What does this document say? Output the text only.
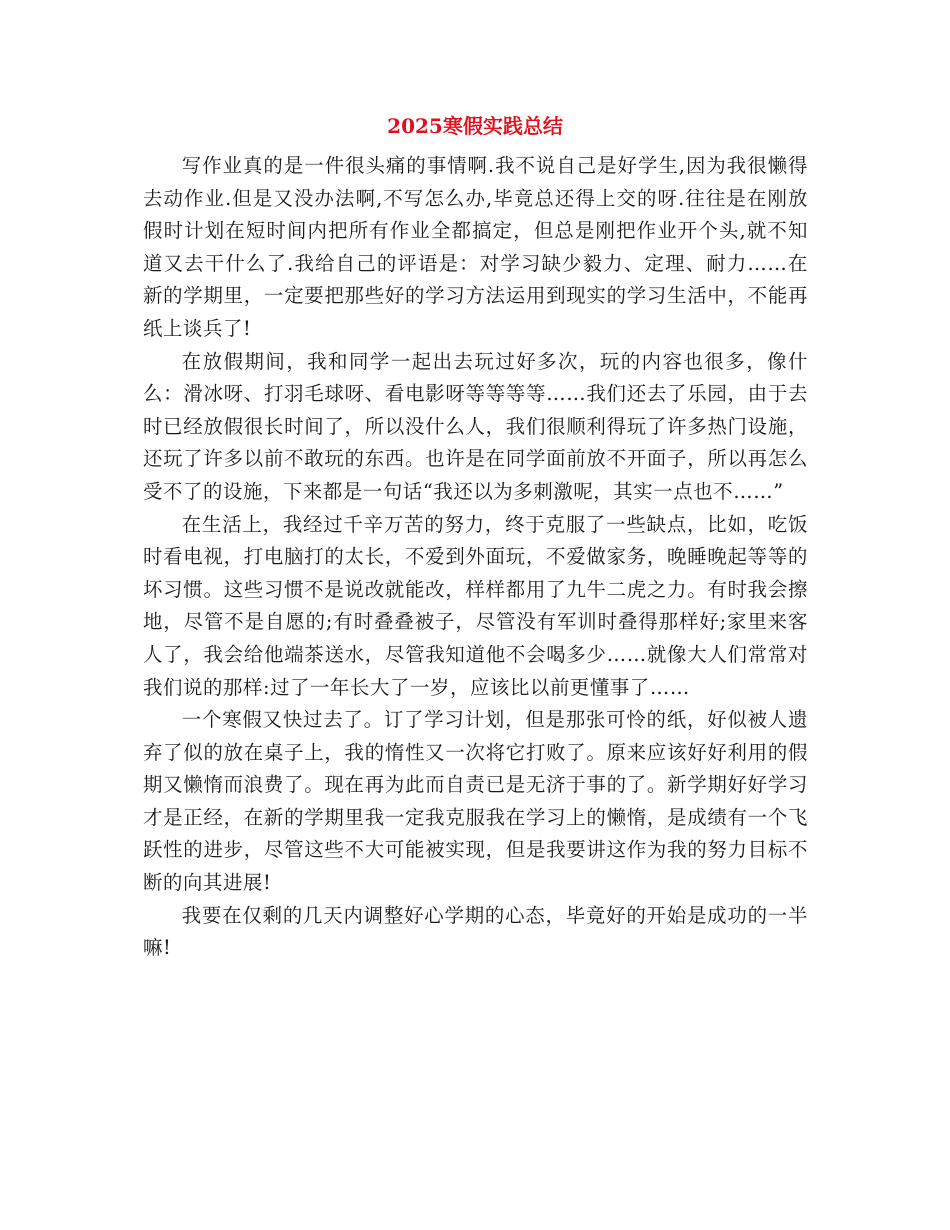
2025寒假实践总结

写作业真的是一件很头痛的事情啊.我不说自己是好学生,因为我很懒得去动作业.但是又没办法啊,不写怎么办,毕竟总还得上交的呀.往往是在刚放假时计划在短时间内把所有作业全都搞定，但总是刚把作业开个头,就不知道又去干什么了.我给自己的评语是：对学习缺少毅力、定理、耐力……在新的学期里，一定要把那些好的学习方法运用到现实的学习生活中，不能再纸上谈兵了!

在放假期间，我和同学一起出去玩过好多次，玩的内容也很多，像什么：滑冰呀、打羽毛球呀、看电影呀等等等等……我们还去了乐园，由于去时已经放假很长时间了，所以没什么人，我们很顺利得玩了许多热门设施，还玩了许多以前不敢玩的东西。也许是在同学面前放不开面子，所以再怎么受不了的设施，下来都是一句话“我还以为多刺激呢，其实一点也不……”

在生活上，我经过千辛万苦的努力，终于克服了一些缺点，比如，吃饭时看电视，打电脑打的太长，不爱到外面玩，不爱做家务，晚睡晚起等等的坏习惯。这些习惯不是说改就能改，样样都用了九牛二虎之力。有时我会擦地，尽管不是自愿的;有时叠叠被子，尽管没有军训时叠得那样好;家里来客人了，我会给他端茶送水，尽管我知道他不会喝多少……就像大人们常常对我们说的那样:过了一年长大了一岁，应该比以前更懂事了……

一个寒假又快过去了。订了学习计划，但是那张可怜的纸，好似被人遗弃了似的放在桌子上，我的惰性又一次将它打败了。原来应该好好利用的假期又懒惰而浪费了。现在再为此而自责已是无济于事的了。新学期好好学习才是正经，在新的学期里我一定我克服我在学习上的懒惰，是成绩有一个飞跃性的进步，尽管这些不大可能被实现，但是我要讲这作为我的努力目标不断的向其进展!

我要在仅剩的几天内调整好心学期的心态，毕竟好的开始是成功的一半嘛!
